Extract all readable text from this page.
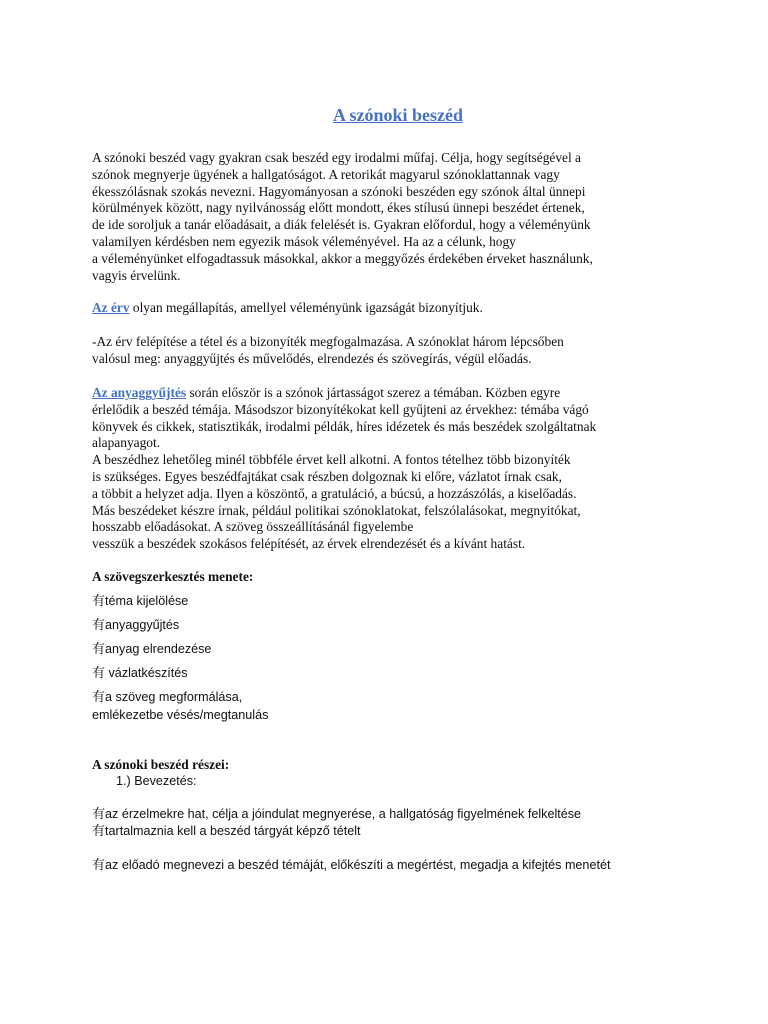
A szónoki beszéd
A szónoki beszéd vagy gyakran csak beszéd egy irodalmi műfaj. Célja, hogy segítségével a
szónok megnyerje ügyének a hallgatóságot. A retorikát magyarul szónoklattannak vagy
ékesszólásnak szokás nevezni. Hagyományosan a szónoki beszéden egy szónok által ünnepi
körülmények között, nagy nyilvánosság előtt mondott, ékes stílusú ünnepi beszédet értenek,
de ide soroljuk a tanár előadásait, a diák felelését is. Gyakran előfordul, hogy a véleményünk
valamilyen kérdésben nem egyezik mások véleményével. Ha az a célunk, hogy
a véleményünket elfogadtassuk másokkal, akkor a meggyőzés érdekében érveket használunk,
vagyis érvelünk.
Az érv olyan megállapítás, amellyel véleményünk igazságát bizonyítjuk.
-Az érv felépítése a tétel és a bizonyíték megfogalmazása. A szónoklat három lépcsőben
valósul meg: anyaggyűjtés és művelődés, elrendezés és szövegírás, végül előadás.
Az anyaggyűjtés során először is a szónok jártasságot szerez a témában. Közben egyre
érlelődik a beszéd témája. Másodszor bizonyítékokat kell gyűjteni az érvekhez: témába vágó
könyvek és cikkek, statisztikák, irodalmi példák, híres idézetek és más beszédek szolgáltatnak
alapanyagot.
A beszédhez lehetőleg minél többféle érvet kell alkotni. A fontos tételhez több bizonyíték
is szükséges. Egyes beszédfajtákat csak részben dolgoznak ki előre, vázlatot írnak csak,
a többit a helyzet adja. Ilyen a köszöntő, a gratuláció, a búcsú, a hozzászólás, a kiselőadás.
Más beszédeket készre írnak, például politikai szónoklatokat, felszólalásokat, megnyitókat,
hosszabb előadásokat. A szöveg összeállításánál figyelembe
vesszük a beszédek szokásos felépítését, az érvek elrendezését és a kívánt hatást.
A szövegszerkesztés menete:
有téma kijelölése
有anyaggyűjtés
有anyag elrendezése
有 vázlatkészítés
有a szöveg megformálása,
emlékezetbe vésés/megtanulás
A szónoki beszéd részei:
1.) Bevezetés:
有az érzelmekre hat, célja a jóindulat megnyerése, a hallgatóság figyelmének felkeltése
有tartalmaznia kell a beszéd tárgyát képző tételt
有az előadó megnevezi a beszéd témáját, előkészíti a megértést, megadja a kifejtés menetét
